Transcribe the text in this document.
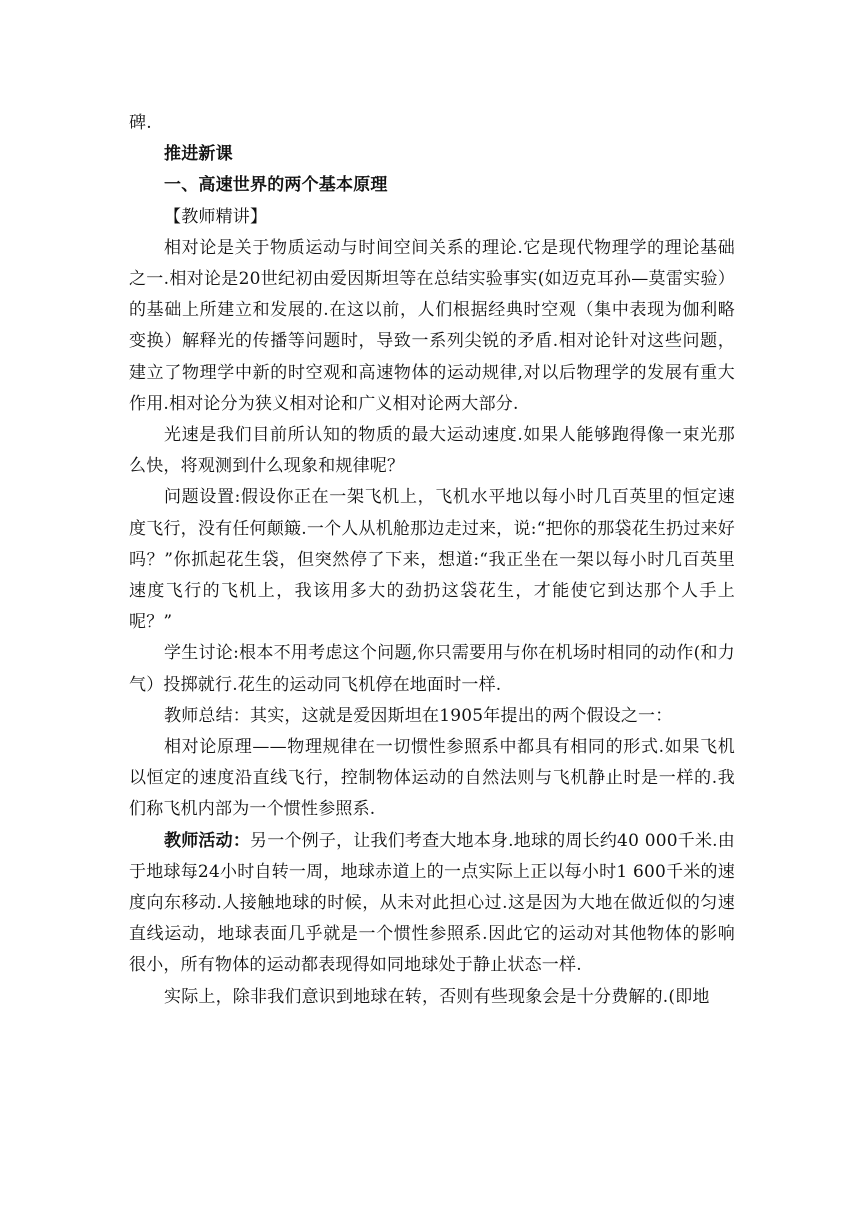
碑.

推进新课

一、高速世界的两个基本原理

【教师精讲】

相对论是关于物质运动与时间空间关系的理论.它是现代物理学的理论基础之一.相对论是20世纪初由爱因斯坦等在总结实验事实(如迈克耳孙—莫雷实验）的基础上所建立和发展的.在这以前，人们根据经典时空观（集中表现为伽利略变换）解释光的传播等问题时，导致一系列尖锐的矛盾.相对论针对这些问题，建立了物理学中新的时空观和高速物体的运动规律,对以后物理学的发展有重大作用.相对论分为狭义相对论和广义相对论两大部分.

光速是我们目前所认知的物质的最大运动速度.如果人能够跑得像一束光那么快，将观测到什么现象和规律呢？

问题设置:假设你正在一架飞机上，飞机水平地以每小时几百英里的恒定速度飞行，没有任何颠簸.一个人从机舱那边走过来，说:“把你的那袋花生扔过来好吗？”你抓起花生袋，但突然停了下来，想道:“我正坐在一架以每小时几百英里速度飞行的飞机上，我该用多大的劲扔这袋花生，才能使它到达那个人手上呢？”

学生讨论:根本不用考虑这个问题,你只需要用与你在机场时相同的动作(和力气）投掷就行.花生的运动同飞机停在地面时一样.

教师总结：其实，这就是爱因斯坦在1905年提出的两个假设之一：

相对论原理——物理规律在一切惯性参照系中都具有相同的形式.如果飞机以恒定的速度沿直线飞行，控制物体运动的自然法则与飞机静止时是一样的.我们称飞机内部为一个惯性参照系.

教师活动：另一个例子，让我们考查大地本身.地球的周长约40 000千米.由于地球每24小时自转一周，地球赤道上的一点实际上正以每小时1 600千米的速度向东移动.人接触地球的时候，从未对此担心过.这是因为大地在做近似的匀速直线运动，地球表面几乎就是一个惯性参照系.因此它的运动对其他物体的影响很小，所有物体的运动都表现得如同地球处于静止状态一样.

实际上，除非我们意识到地球在转，否则有些现象会是十分费解的.(即地
